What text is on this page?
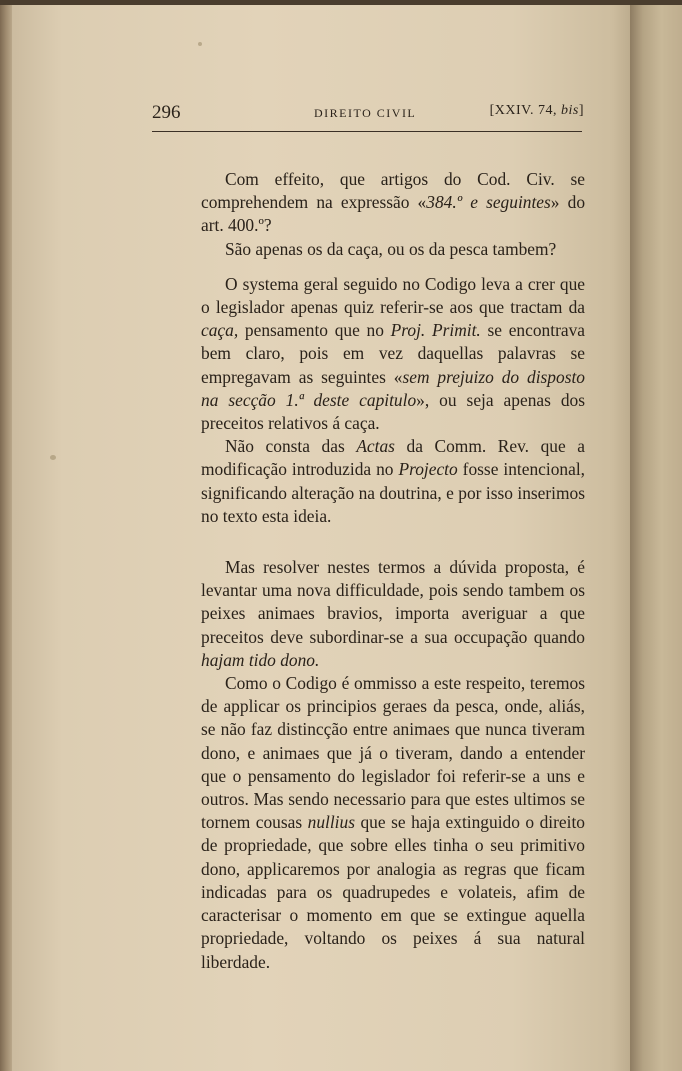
296	DIREITO CIVIL	[XXIV. 74, bis]

Com effeito, que artigos do Cod. Civ. se comprehendem na expressão «384.º e seguintes» do art. 400.º?

São apenas os da caça, ou os da pesca tambem?

O systema geral seguido no Codigo leva a crer que o legislador apenas quiz referir-se aos que tractam da caça, pensamento que no Proj. Primit. se encontrava bem claro, pois em vez daquellas palavras se empregavam as seguintes «sem prejuizo do disposto na secção 1.ª deste capitulo», ou seja apenas dos preceitos relativos á caça.

Não consta das Actas da Comm. Rev. que a modificação introduzida no Projecto fosse intencional, significando alteração na doutrina, e por isso inserimos no texto esta ideia.

Mas resolver nestes termos a dúvida proposta, é levantar uma nova difficuldade, pois sendo tambem os peixes animaes bravios, importa averiguar a que preceitos deve subordinar-se a sua occupação quando hajam tido dono.

Como o Codigo é ommisso a este respeito, teremos de applicar os principios geraes da pesca, onde, aliás, se não faz distincção entre animaes que nunca tiveram dono, e animaes que já o tiveram, dando a entender que o pensamento do legislador foi referir-se a uns e outros. Mas sendo necessario para que estes ultimos se tornem cousas nullius que se haja extinguido o direito de propriedade, que sobre elles tinha o seu primitivo dono, applicaremos por analogia as regras que ficam indicadas para os quadrupedes e volateis, afim de caracterisar o momento em que se extingue aquella propriedade, voltando os peixes á sua natural liberdade.
